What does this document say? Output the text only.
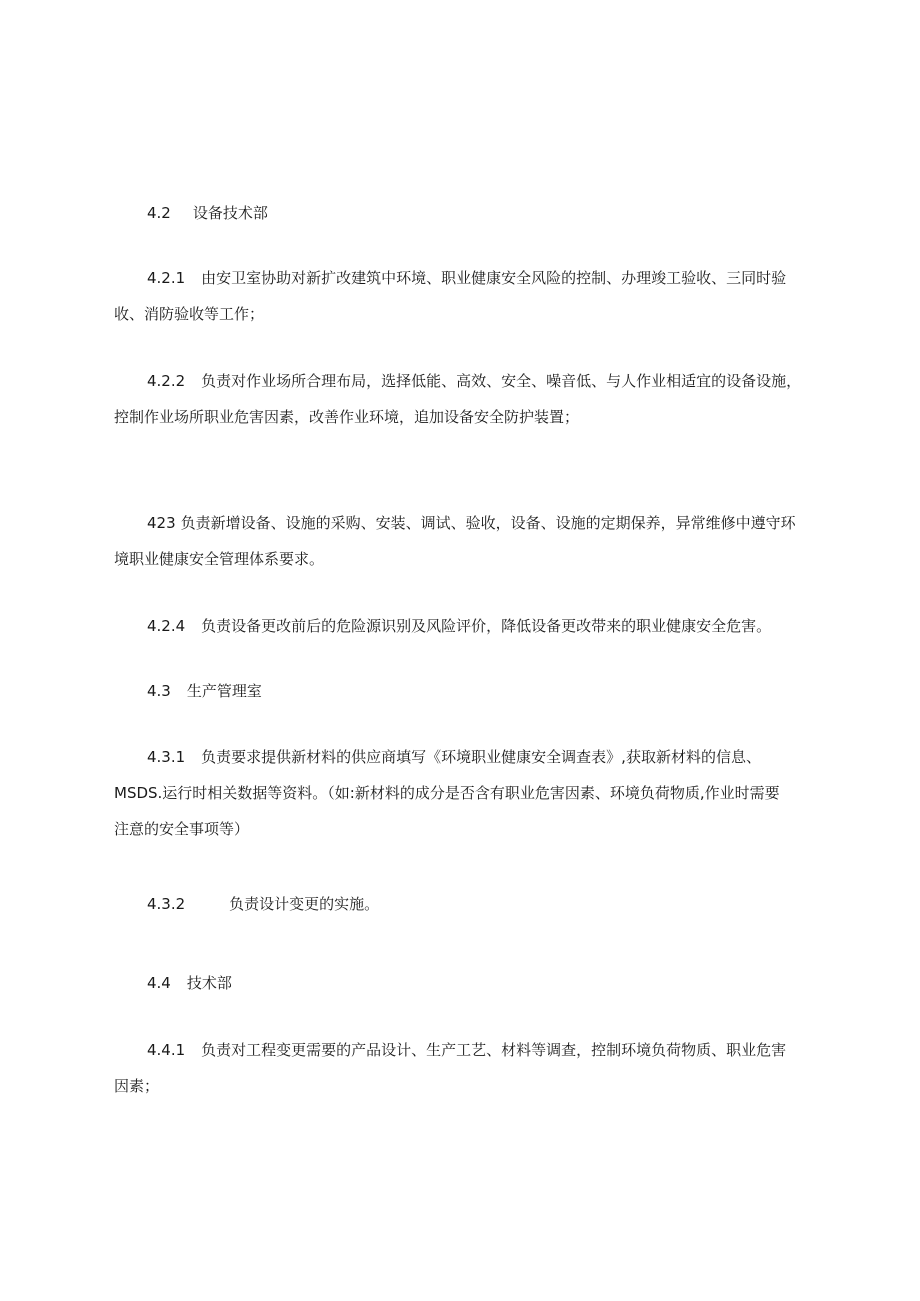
4.2 设备技术部
4.2.1 由安卫室协助对新扩改建筑中环境、职业健康安全风险的控制、办理竣工验收、三同时验
收、消防验收等工作；
4.2.2 负责对作业场所合理布局，选择低能、高效、安全、噪音低、与人作业相适宜的设备设施，
控制作业场所职业危害因素，改善作业环境，追加设备安全防护装置；
423 负责新增设备、设施的采购、安装、调试、验收，设备、设施的定期保养，异常维修中遵守环
境职业健康安全管理体系要求。
4.2.4 负责设备更改前后的危险源识别及风险评价，降低设备更改带来的职业健康安全危害。
4.3 生产管理室
4.3.1 负责要求提供新材料的供应商填写《环境职业健康安全调查表》,获取新材料的信息、
MSDS.运行时相关数据等资料。（如:新材料的成分是否含有职业危害因素、环境负荷物质,作业时需要
注意的安全事项等）
4.3.2	负责设计变更的实施。
4.4 技术部
4.4.1 负责对工程变更需要的产品设计、生产工艺、材料等调查，控制环境负荷物质、职业危害
因素；
